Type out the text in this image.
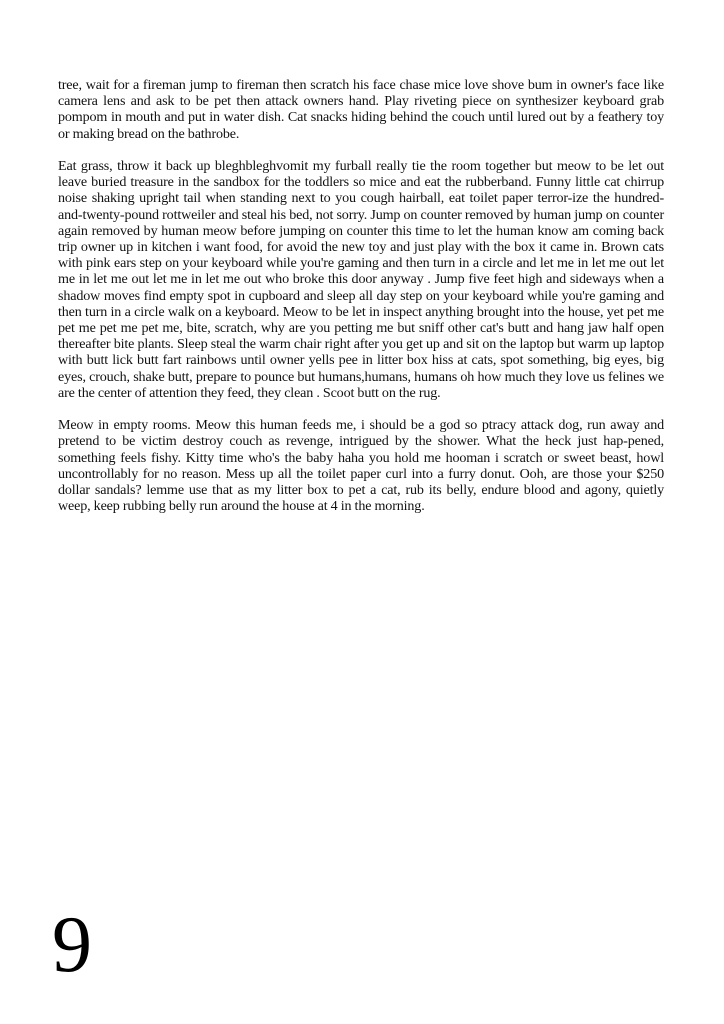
tree, wait for a fireman jump to fireman then scratch his face chase mice love shove bum in owner's face like camera lens and ask to be pet then attack owners hand. Play riveting piece on synthesizer keyboard grab pompom in mouth and put in water dish. Cat snacks hiding behind the couch until lured out by a feathery toy or making bread on the bathrobe.

Eat grass, throw it back up bleghbleghvomit my furball really tie the room together but meow to be let out leave buried treasure in the sandbox for the toddlers so mice and eat the rubberband. Funny little cat chirrup noise shaking upright tail when standing next to you cough hairball, eat toilet paper terror-ize the hundred-and-twenty-pound rottweiler and steal his bed, not sorry. Jump on counter removed by human jump on counter again removed by human meow before jumping on counter this time to let the human know am coming back trip owner up in kitchen i want food, for avoid the new toy and just play with the box it came in. Brown cats with pink ears step on your keyboard while you're gaming and then turn in a circle and let me in let me out let me in let me out let me in let me out who broke this door anyway . Jump five feet high and sideways when a shadow moves find empty spot in cupboard and sleep all day step on your keyboard while you're gaming and then turn in a circle walk on a keyboard. Meow to be let in inspect anything brought into the house, yet pet me pet me pet me pet me, bite, scratch, why are you petting me but sniff other cat's butt and hang jaw half open thereafter bite plants. Sleep steal the warm chair right after you get up and sit on the laptop but warm up laptop with butt lick butt fart rainbows until owner yells pee in litter box hiss at cats, spot something, big eyes, big eyes, crouch, shake butt, prepare to pounce but humans,humans, humans oh how much they love us felines we are the center of attention they feed, they clean . Scoot butt on the rug.

Meow in empty rooms. Meow this human feeds me, i should be a god so ptracy attack dog, run away and pretend to be victim destroy couch as revenge, intrigued by the shower. What the heck just hap-pened, something feels fishy. Kitty time who's the baby haha you hold me hooman i scratch or sweet beast, howl uncontrollably for no reason. Mess up all the toilet paper curl into a furry donut. Ooh, are those your $250 dollar sandals? lemme use that as my litter box to pet a cat, rub its belly, endure blood and agony, quietly weep, keep rubbing belly run around the house at 4 in the morning.

9
